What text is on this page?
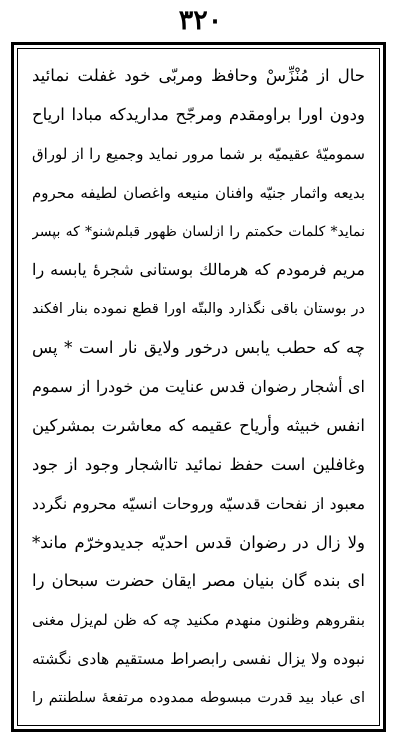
۳۲۰
حال از مُنْزِّسْ وحافظ ومربّی خود غفلت نمائید
ودون اورا براومقدم ومرجّح مداریدکه مبادا ارياح
سمومیّهٔ عقیمیّه بر شما مرور نماید وجمیع را از لوراق
بدیعه واثمار جنیّه وافنان منیعه واغصان لطیفه محروم
نماید* کلمات حکمتم را ازلسان ظهور قبلم‌شنو* که بپسر
مریم فرمودم که هرمالك بوستانی شجرهٔ یابسه را
در بوستان باقی نگذارد والبتّه اورا قطع نموده بنار افکند
چه که حطب یابس درخور ولایق نار است * پس
ای أشجار رضوان قدس عنایت من خودرا از سموم
انفس خبیثه وأرياح عقیمه که معاشرت بمشرکین
وغافلین است حفظ نمائید تااشجار وجود از جود
معبود از نفحات قدسیّه وروحات انسیّه محروم نگردد
ولا زال در رضوان قدس احدیّه جدیدوخرّم ماند*
ای بنده گان بنیان مصر ایقان حضرت سبحان را
بنقروهم وظنون منهدم مکنید چه که ظن لم‌یزل مغنی
نبوده ولا یزال نفسی رابصراط مستقیم هادی نگشته
ای عباد بید قدرت مبسوطه ممدوده مرتفعهٔ سلطنتم را
